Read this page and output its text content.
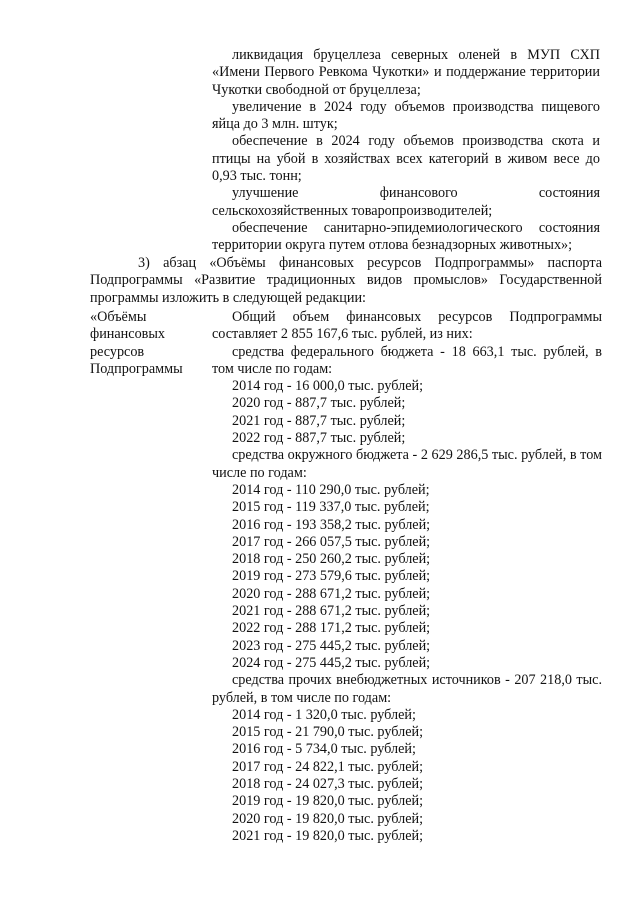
ликвидация бруцеллеза северных оленей в МУП СХП «Имени Первого Ревкома Чукотки» и поддержание территории Чукотки свободной от бруцеллеза;

увеличение в 2024 году объемов производства пищевого яйца до 3 млн. штук;

обеспечение в 2024 году объемов производства скота и птицы на убой в хозяйствах всех категорий в живом весе до 0,93 тыс. тонн;

улучшение	финансового	состояния

сельскохозяйственных товаропроизводителей;

обеспечение санитарно-эпидемиологического состояния территории округа путем отлова безнадзорных животных»;

3) абзац «Объёмы финансовых ресурсов Подпрограммы» паспорта Подпрограммы «Развитие традиционных видов промыслов» Государственной программы изложить в следующей редакции:

«Объёмы

финансовых

ресурсов

Подпрограммы

Общий объем финансовых ресурсов Подпрограммы составляет 2 855 167,6 тыс. рублей, из них:

средства федерального бюджета - 18 663,1 тыс. рублей, в том числе по годам:

2014 год - 16 000,0 тыс. рублей;
2020 год - 887,7 тыс. рублей;
2021 год - 887,7 тыс. рублей;
2022 год - 887,7 тыс. рублей;

средства окружного бюджета - 2 629 286,5 тыс. рублей, в том числе по годам:

2014 год - 110 290,0 тыс. рублей;
2015 год - 119 337,0 тыс. рублей;
2016 год - 193 358,2 тыс. рублей;
2017 год - 266 057,5 тыс. рублей;
2018 год - 250 260,2 тыс. рублей;
2019 год - 273 579,6 тыс. рублей;
2020 год - 288 671,2 тыс. рублей;
2021 год - 288 671,2 тыс. рублей;
2022 год - 288 171,2 тыс. рублей;
2023 год - 275 445,2 тыс. рублей;
2024 год - 275 445,2 тыс. рублей;

средства прочих внебюджетных источников - 207 218,0 тыс. рублей, в том числе по годам:

2014 год - 1 320,0 тыс. рублей;
2015 год - 21 790,0 тыс. рублей;
2016 год - 5 734,0 тыс. рублей;
2017 год - 24 822,1 тыс. рублей;
2018 год - 24 027,3 тыс. рублей;
2019 год - 19 820,0 тыс. рублей;
2020 год - 19 820,0 тыс. рублей;
2021 год - 19 820,0 тыс. рублей;
